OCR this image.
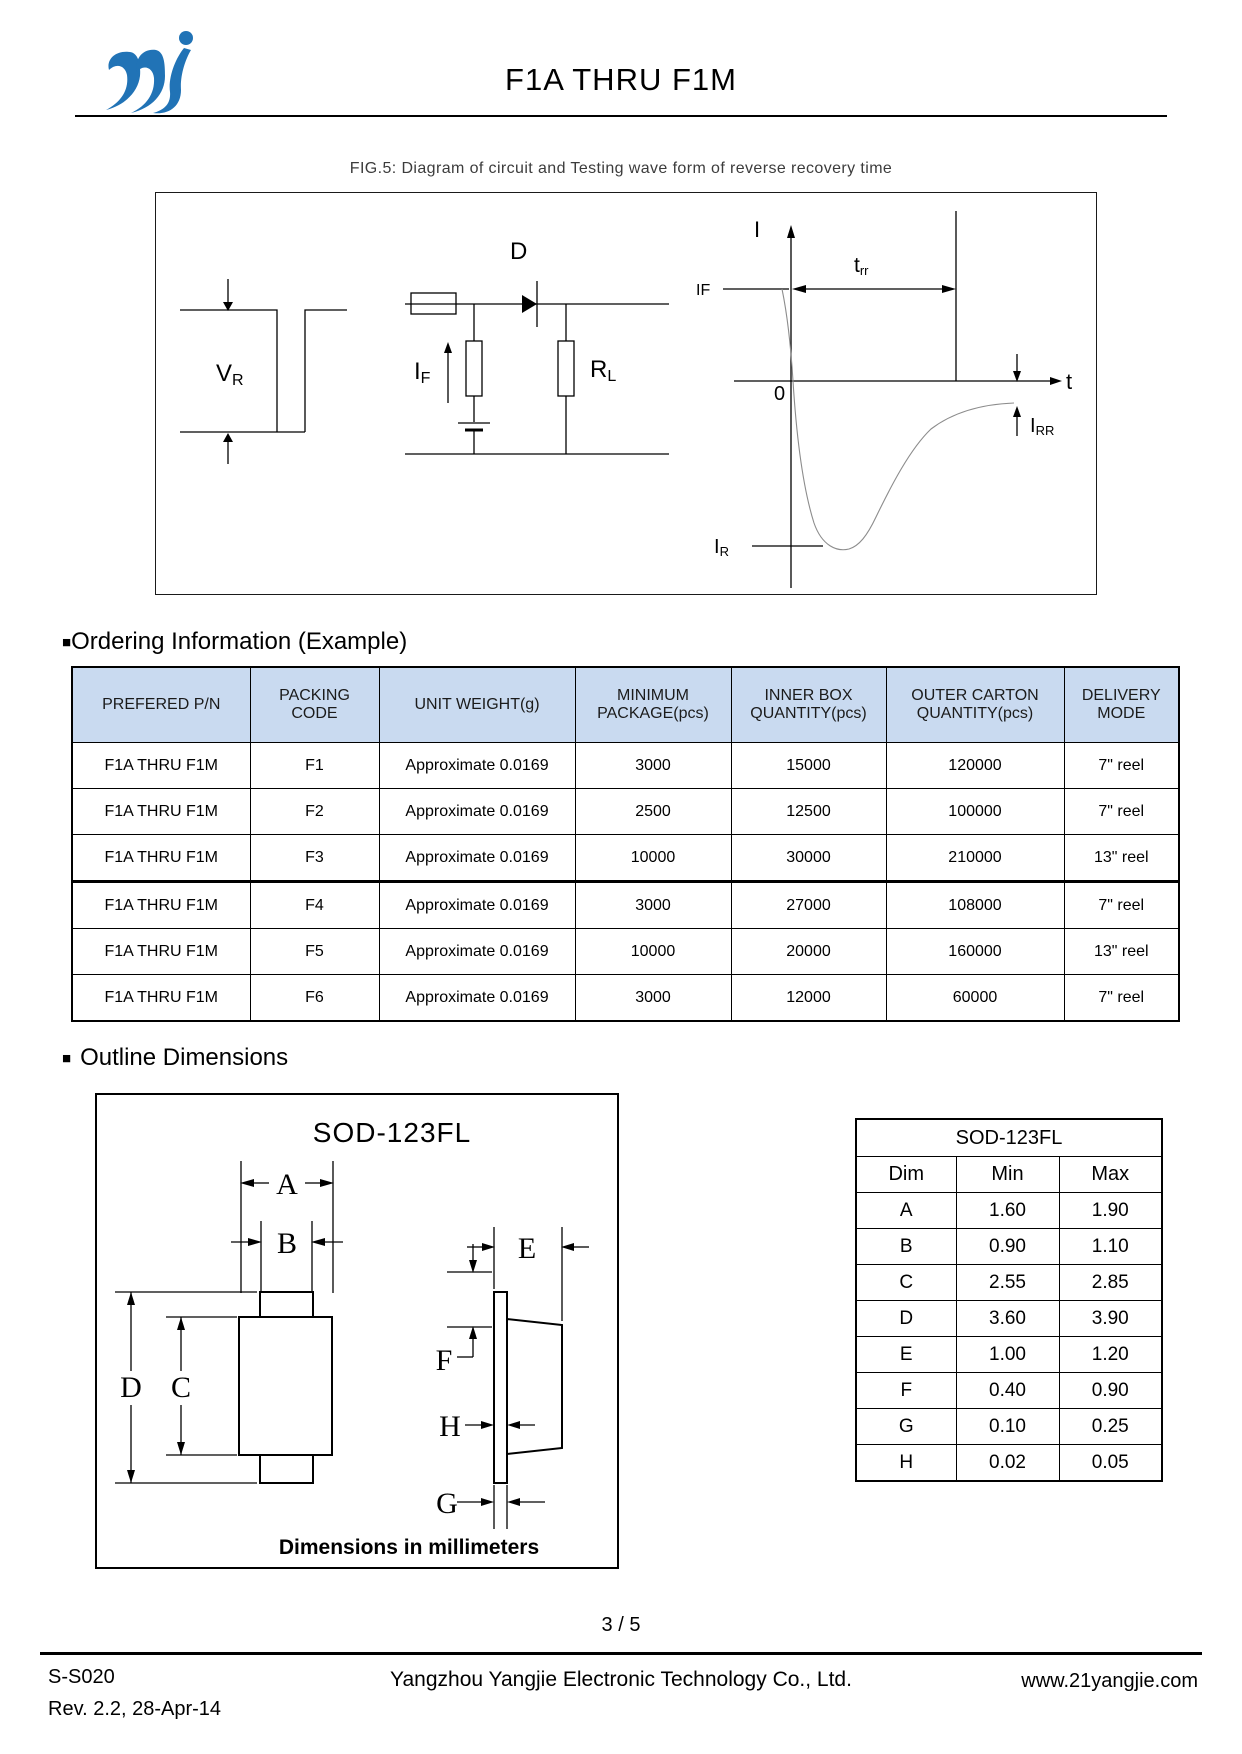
F1A THRU F1M
FIG.5: Diagram of circuit and Testing wave form of reverse recovery time
VR	IF
D
RL
I
t
0
IF
trr
IRR
IR
■Ordering Information (Example)
PREFERED P/N	PACKING CODE	UNIT WEIGHT(g)	MINIMUM PACKAGE(pcs)	INNER BOX QUANTITY(pcs)	OUTER CARTON QUANTITY(pcs)	DELIVERY MODE
F1A THRU F1M	F1	Approximate 0.0169	3000	15000	120000	7" reel
F1A THRU F1M	F2	Approximate 0.0169	2500	12500	100000	7" reel
F1A THRU F1M	F3	Approximate 0.0169	10000	30000	210000	13" reel
F1A THRU F1M	F4	Approximate 0.0169	3000	27000	108000	7" reel
F1A THRU F1M	F5	Approximate 0.0169	10000	20000	160000	13" reel
F1A THRU F1M	F6	Approximate 0.0169	3000	12000	60000	7" reel
■ Outline Dimensions
SOD-123FL
A
B
D C
E
F
H
G
Dimensions in millimeters
SOD-123FL		
Dim	Min	Max
A	1.60	1.90
B	0.90	1.10
C	2.55	2.85
D	3.60	3.90
E	1.00	1.20
F	0.40	0.90
G	0.10	0.25
H	0.02	0.05
3 / 5
S-S020
Rev. 2.2, 28-Apr-14
Yangzhou Yangjie Electronic Technology Co., Ltd.	www.21yangjie.com
